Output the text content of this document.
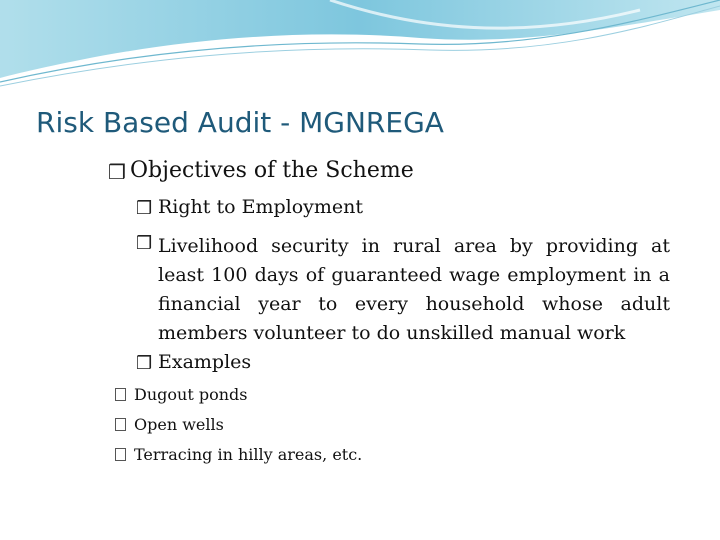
Risk Based Audit - MGNREGA
❒ Objectives of the Scheme
❒ Right to Employment
❒ Livelihood security in rural area by providing at least 100 days of guaranteed wage employment in a financial year to every household whose adult members volunteer to do unskilled manual work
❒ Examples
Dugout ponds
Open wells
Terracing in hilly areas, etc.
